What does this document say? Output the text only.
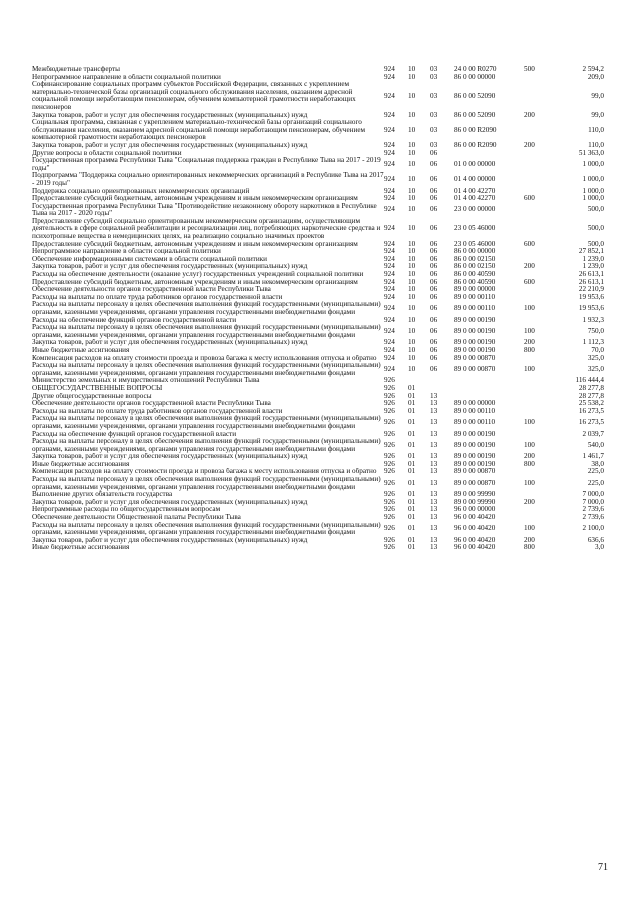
Межбюджетные трансферты	924	10	03	24 0 00 R0270	500	2 594,2
Непрограммное направление в области социальной политики	924	10	03	86 0 00 00000		209,0
Софинансирование социальных программ субъектов Российской Федерации, связанных с укреплением материально-технической базы организаций социального обслуживания населения, оказанием адресной социальной помощи неработающим пенсионерам, обучением компьютерной грамотности неработающих пенсионеров	924	10	03	86 0 00 52090		99,0
Закупка товаров, работ и услуг для обеспечения государственных (муниципальных) нужд	924	10	03	86 0 00 52090	200	99,0
Социальная программа, связанная с укреплением материально-технической базы организаций социального обслуживания населения, оказанием адресной социальной помощи неработающим пенсионерам, обучением компьютерной грамотности неработающих пенсионеров	924	10	03	86 0 00 R2090		110,0
Закупка товаров, работ и услуг для обеспечения государственных (муниципальных) нужд	924	10	03	86 0 00 R2090	200	110,0
Другие вопросы в области социальной политики	924	10	06			51 363,0
Государственная программа Республики Тыва "Социальная поддержка граждан в Республике Тыва на 2017 - 2019 годы"	924	10	06	01 0 00 00000		1 000,0
Подпрограмма "Поддержка социально ориентированных некоммерческих организаций в Республике Тыва на 2017 - 2019 годы"	924	10	06	01 4 00 00000		1 000,0
Поддержка социально ориентированных некоммерческих организаций	924	10	06	01 4 00 42270		1 000,0
Предоставление субсидий бюджетным, автономным учреждениям и иным некоммерческим организациям	924	10	06	01 4 00 42270	600	1 000,0
Государственная программа Республики Тыва "Противодействие незаконному обороту наркотиков в Республике Тыва на 2017 - 2020 годы"	924	10	06	23 0 00 00000		500,0
Предоставление субсидий социально ориентированным некоммерческим организациям, осуществляющим деятельность в сфере социальной реабилитации и ресоциализации лиц, потребляющих наркотические средства и психотропные вещества в немедицинских целях, на реализацию социально значимых проектов	924	10	06	23 0 05 46000		500,0
Предоставление субсидий бюджетным, автономным учреждениям и иным некоммерческим организациям	924	10	06	23 0 05 46000	600	500,0
Непрограммное направление в области социальной политики	924	10	06	86 0 00 00000		27 852,1
Обеспечение информационными системами в области социальной политики	924	10	06	86 0 00 02150		1 239,0
Закупка товаров, работ и услуг для обеспечения государственных (муниципальных) нужд	924	10	06	86 0 00 02150	200	1 239,0
Расходы на обеспечение деятельности (оказание услуг) государственных учреждений социальной политики	924	10	06	86 0 00 40590		26 613,1
Предоставление субсидий бюджетным, автономным учреждениям и иным некоммерческим организациям	924	10	06	86 0 00 40590	600	26 613,1
Обеспечение деятельности органов государственной власти Республики Тыва	924	10	06	89 0 00 00000		22 210,9
Расходы на выплаты по оплате труда работников органов государственной власти	924	10	06	89 0 00 00110		19 953,6
Расходы на выплаты персоналу в целях обеспечения выполнения функций государственными (муниципальными) органами, казенными учреждениями, органами управления государственными внебюджетными фондами	924	10	06	89 0 00 00110	100	19 953,6
Расходы на обеспечение функций органов государственной власти	924	10	06	89 0 00 00190		1 932,3
Расходы на выплаты персоналу в целях обеспечения выполнения функций государственными (муниципальными) органами, казенными учреждениями, органами управления государственными внебюджетными фондами	924	10	06	89 0 00 00190	100	750,0
Закупка товаров, работ и услуг для обеспечения государственных (муниципальных) нужд	924	10	06	89 0 00 00190	200	1 112,3
Иные бюджетные ассигнования	924	10	06	89 0 00 00190	800	70,0
Компенсация расходов на оплату стоимости проезда и провоза багажа к месту использования отпуска и обратно	924	10	06	89 0 00 00870		325,0
Расходы на выплаты персоналу в целях обеспечения выполнения функций государственными (муниципальными) органами, казенными учреждениями, органами управления государственными внебюджетными фондами	924	10	06	89 0 00 00870	100	325,0
Министерство земельных и имущественных отношений Республики Тыва	926					116 444,4
ОБЩЕГОСУДАРСТВЕННЫЕ ВОПРОСЫ	926	01				28 277,8
Другие общегосударственные вопросы	926	01	13			28 277,8
Обеспечение деятельности органов государственной власти Республики Тыва	926	01	13	89 0 00 00000		25 538,2
Расходы на выплаты по оплате труда работников органов государственной власти	926	01	13	89 0 00 00110		16 273,5
Расходы на выплаты персоналу в целях обеспечения выполнения функций государственными (муниципальными) органами, казенными учреждениями, органами управления государственными внебюджетными фондами	926	01	13	89 0 00 00110	100	16 273,5
Расходы на обеспечение функций органов государственной власти	926	01	13	89 0 00 00190		2 039,7
Расходы на выплаты персоналу в целях обеспечения выполнения функций государственными (муниципальными) органами, казенными учреждениями, органами управления государственными внебюджетными фондами	926	01	13	89 0 00 00190	100	540,0
Закупка товаров, работ и услуг для обеспечения государственных (муниципальных) нужд	926	01	13	89 0 00 00190	200	1 461,7
Иные бюджетные ассигнования	926	01	13	89 0 00 00190	800	38,0
Компенсация расходов на оплату стоимости проезда и провоза багажа к месту использования отпуска и обратно	926	01	13	89 0 00 00870		225,0
Расходы на выплаты персоналу в целях обеспечения выполнения функций государственными (муниципальными) органами, казенными учреждениями, органами управления государственными внебюджетными фондами	926	01	13	89 0 00 00870	100	225,0
Выполнение других обязательств государства	926	01	13	89 0 00 99990		7 000,0
Закупка товаров, работ и услуг для обеспечения государственных (муниципальных) нужд	926	01	13	89 0 00 99990	200	7 000,0
Непрограммные расходы по общегосударственным вопросам	926	01	13	96 0 00 00000		2 739,6
Обеспечение деятельности Общественной палаты Республики Тыва	926	01	13	96 0 00 40420		2 739,6
Расходы на выплаты персоналу в целях обеспечения выполнения функций государственными (муниципальными) органами, казенными учреждениями, органами управления государственными внебюджетными фондами	926	01	13	96 0 00 40420	100	2 100,0
Закупка товаров, работ и услуг для обеспечения государственных (муниципальных) нужд	926	01	13	96 0 00 40420	200	636,6
Иные бюджетные ассигнования	926	01	13	96 0 00 40420	800	3,0
71
